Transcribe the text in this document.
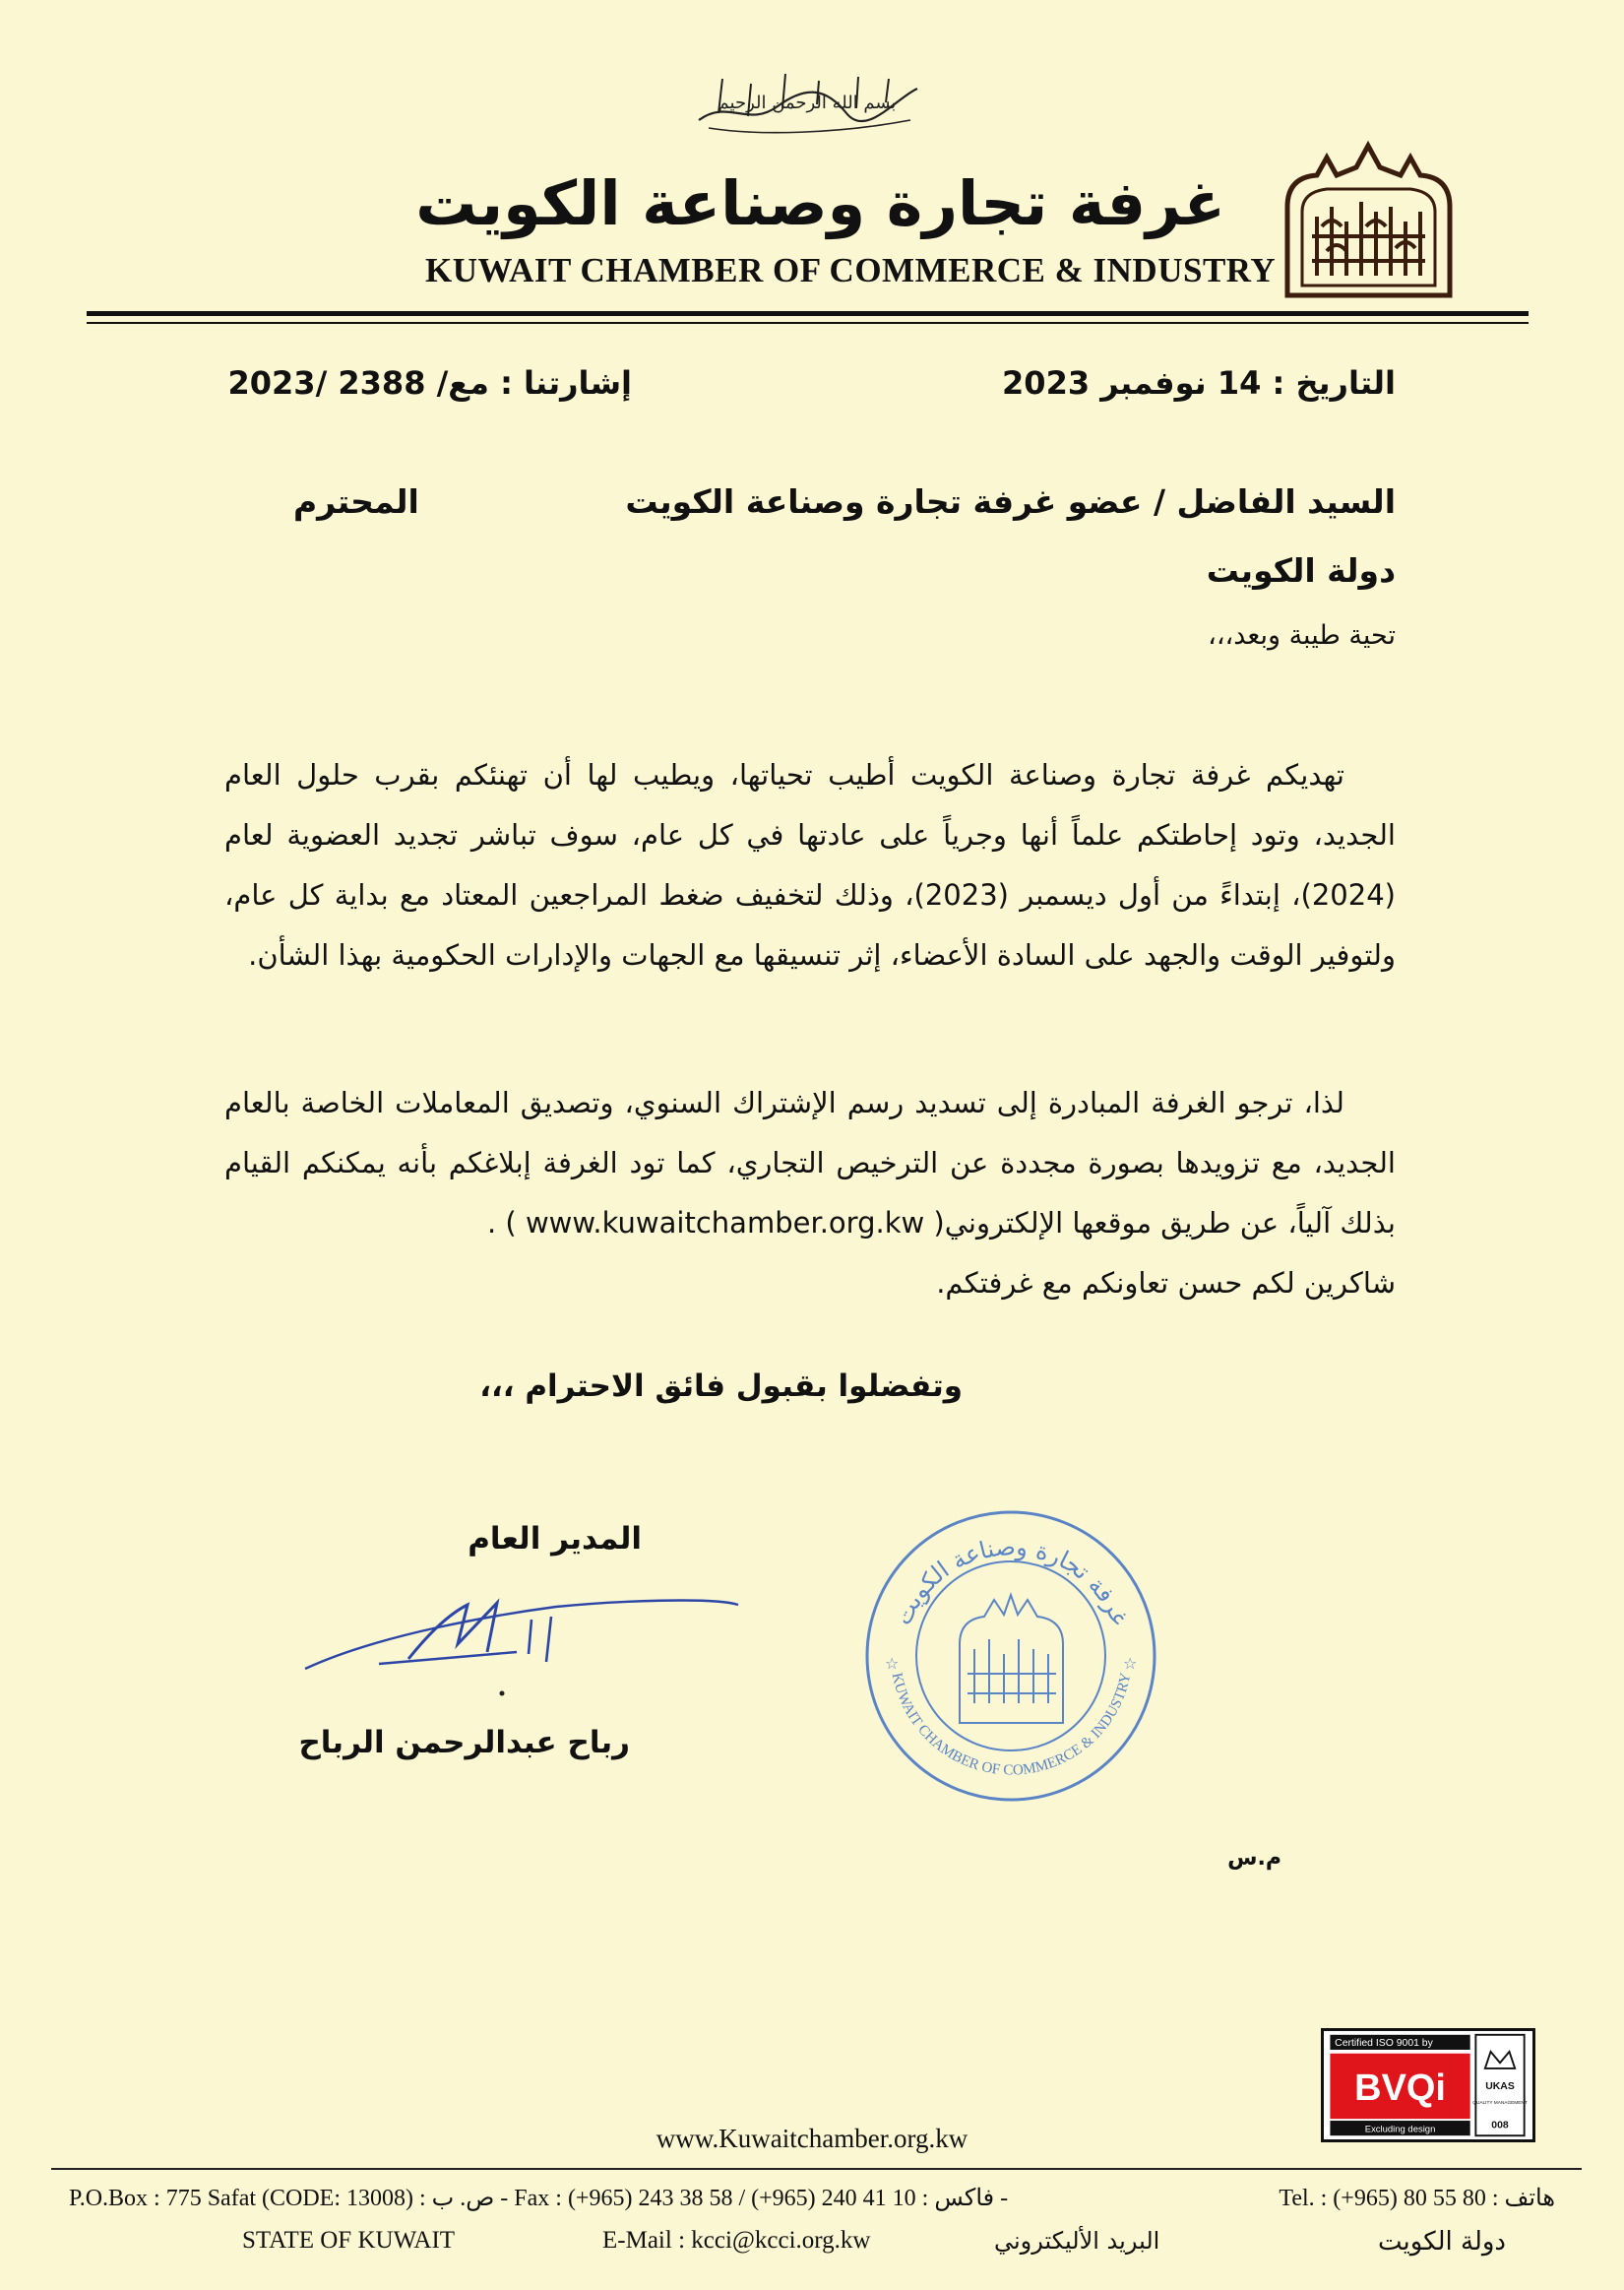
بسم الله الرحمن الرحيم
غرفة تجارة وصناعة الكويت
KUWAIT CHAMBER OF COMMERCE & INDUSTRY
التاريخ : 14 نوفمبر 2023
إشارتنا : مع/ 2388 /2023
السيد الفاضل / عضو غرفة تجارة وصناعة الكويت
المحترم
دولة الكويت
تحية طيبة وبعد،،،
تهديكم غرفة تجارة وصناعة الكويت أطيب تحياتها، ويطيب لها أن تهنئكم بقرب حلول العام الجديد، وتود إحاطتكم علماً أنها وجرياً على عادتها في كل عام، سوف تباشر تجديد العضوية لعام (2024)، إبتداءً من أول ديسمبر (2023)، وذلك لتخفيف ضغط المراجعين المعتاد مع بداية كل عام، ولتوفير الوقت والجهد على السادة الأعضاء، إثر تنسيقها مع الجهات والإدارات الحكومية بهذا الشأن.
لذا، ترجو الغرفة المبادرة إلى تسديد رسم الإشتراك السنوي، وتصديق المعاملات الخاصة بالعام الجديد، مع تزويدها بصورة مجددة عن الترخيص التجاري، كما تود الغرفة إبلاغكم بأنه يمكنكم القيام بذلك آلياً، عن طريق موقعها الإلكتروني( www.kuwaitchamber.org.kw ) .
شاكرين لكم حسن تعاونكم مع غرفتكم.
وتفضلوا بقبول فائق الاحترام ،،،
المدير العام
رباح عبدالرحمن الرباح
غرفة تجارة وصناعة الكويت
KUWAIT CHAMBER OF COMMERCE & INDUSTRY
☆	☆
م.س
Certified ISO 9001 by
BVQi
Excluding design
UKAS
QUALITY MANAGEMENT
008
www.Kuwaitchamber.org.kw
P.O.Box : 775 Safat (CODE: 13008) : ص. ب - Fax : (+965) 243 38 58 / (+965) 240 41 10 : فاكس -	Tel. : (+965) 80 55 80 : هاتف
STATE OF KUWAIT	E-Mail : kcci@kcci.org.kw	البريد الأليكتروني	دولة الكويت
